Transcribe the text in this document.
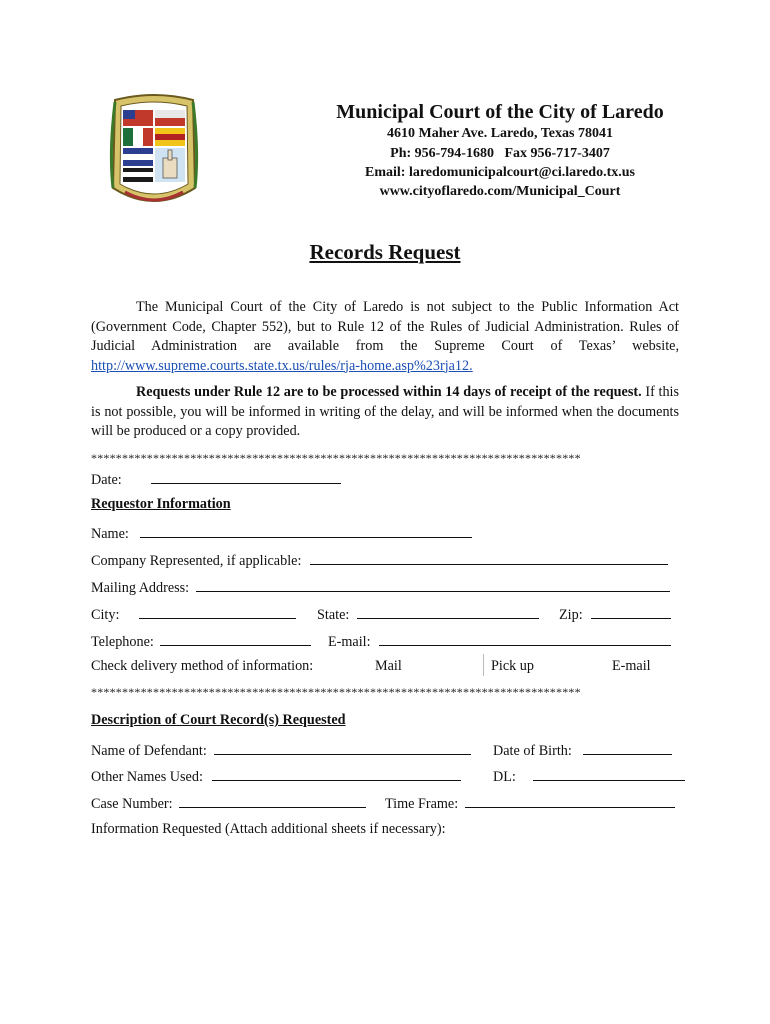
Municipal Court of the City of Laredo
4610 Maher Ave. Laredo, Texas 78041
Ph: 956-794-1680   Fax 956-717-3407
Email: laredomunicipalcourt@ci.laredo.tx.us
www.cityoflaredo.com/Municipal_Court
Records Request
The Municipal Court of the City of Laredo is not subject to the Public Information Act (Government Code, Chapter 552), but to Rule 12 of the Rules of Judicial Administration. Rules of Judicial Administration are available from the Supreme Court of Texas’ website, http://www.supreme.courts.state.tx.us/rules/rja-home.asp%23rja12.
Requests under Rule 12 are to be processed within 14 days of receipt of the request. If this is not possible, you will be informed in writing of the delay, and will be informed when the documents will be produced or a copy provided.
*******************************************************************************
Date:
Requestor Information
Name:
Company Represented, if applicable:
Mailing Address:
City:	State:	Zip:
Telephone:	E-mail:
Check delivery method of information:	Mail	Pick up	E-mail
*******************************************************************************
Description of Court Record(s) Requested
Name of Defendant:	Date of Birth:
Other Names Used:	DL:
Case Number:	Time Frame:
Information Requested (Attach additional sheets if necessary):
